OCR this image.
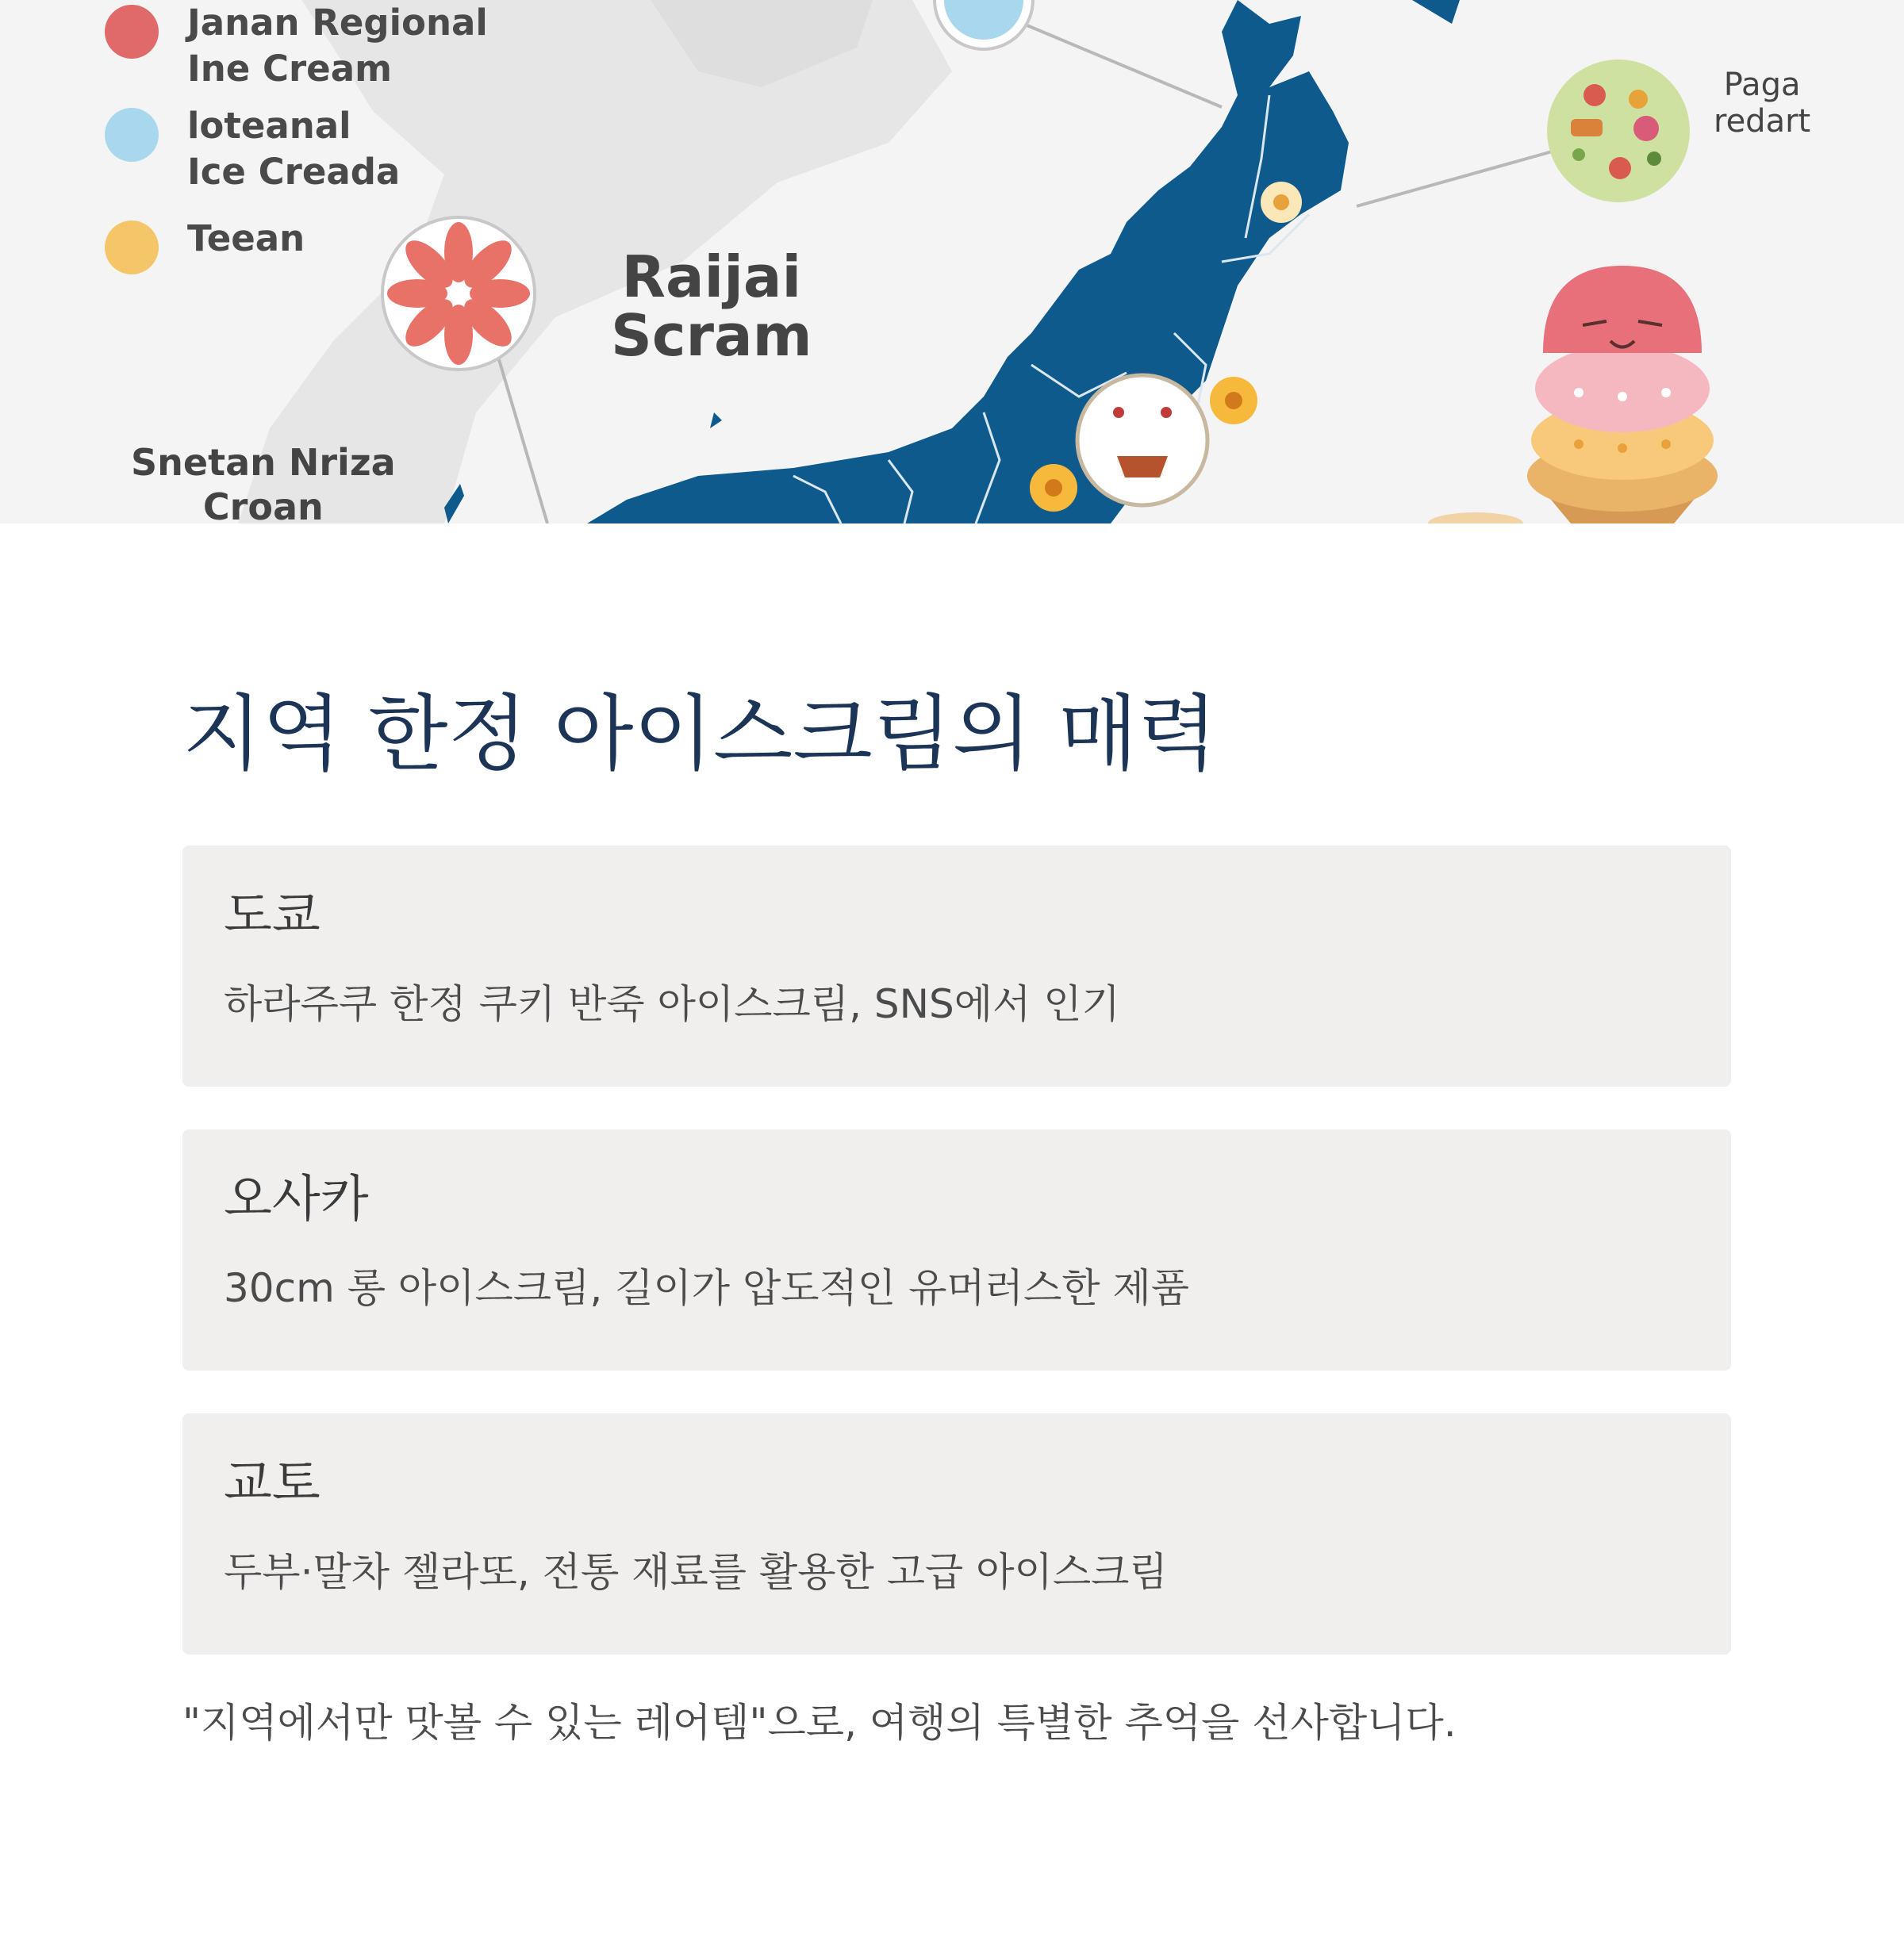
Janan Regional
Ine Cream
loteanal
Ice Creada
Teean
Raijai
Scram
Snetan Nriza
Croan
Paga
redart
지역 한정 아이스크림의 매력
도쿄
하라주쿠 한정 쿠키 반죽 아이스크림, SNS에서 인기
오사카
30cm 롱 아이스크림, 길이가 압도적인 유머러스한 제품
교토
두부·말차 젤라또, 전통 재료를 활용한 고급 아이스크림
"지역에서만 맛볼 수 있는 레어템"으로, 여행의 특별한 추억을 선사합니다.
